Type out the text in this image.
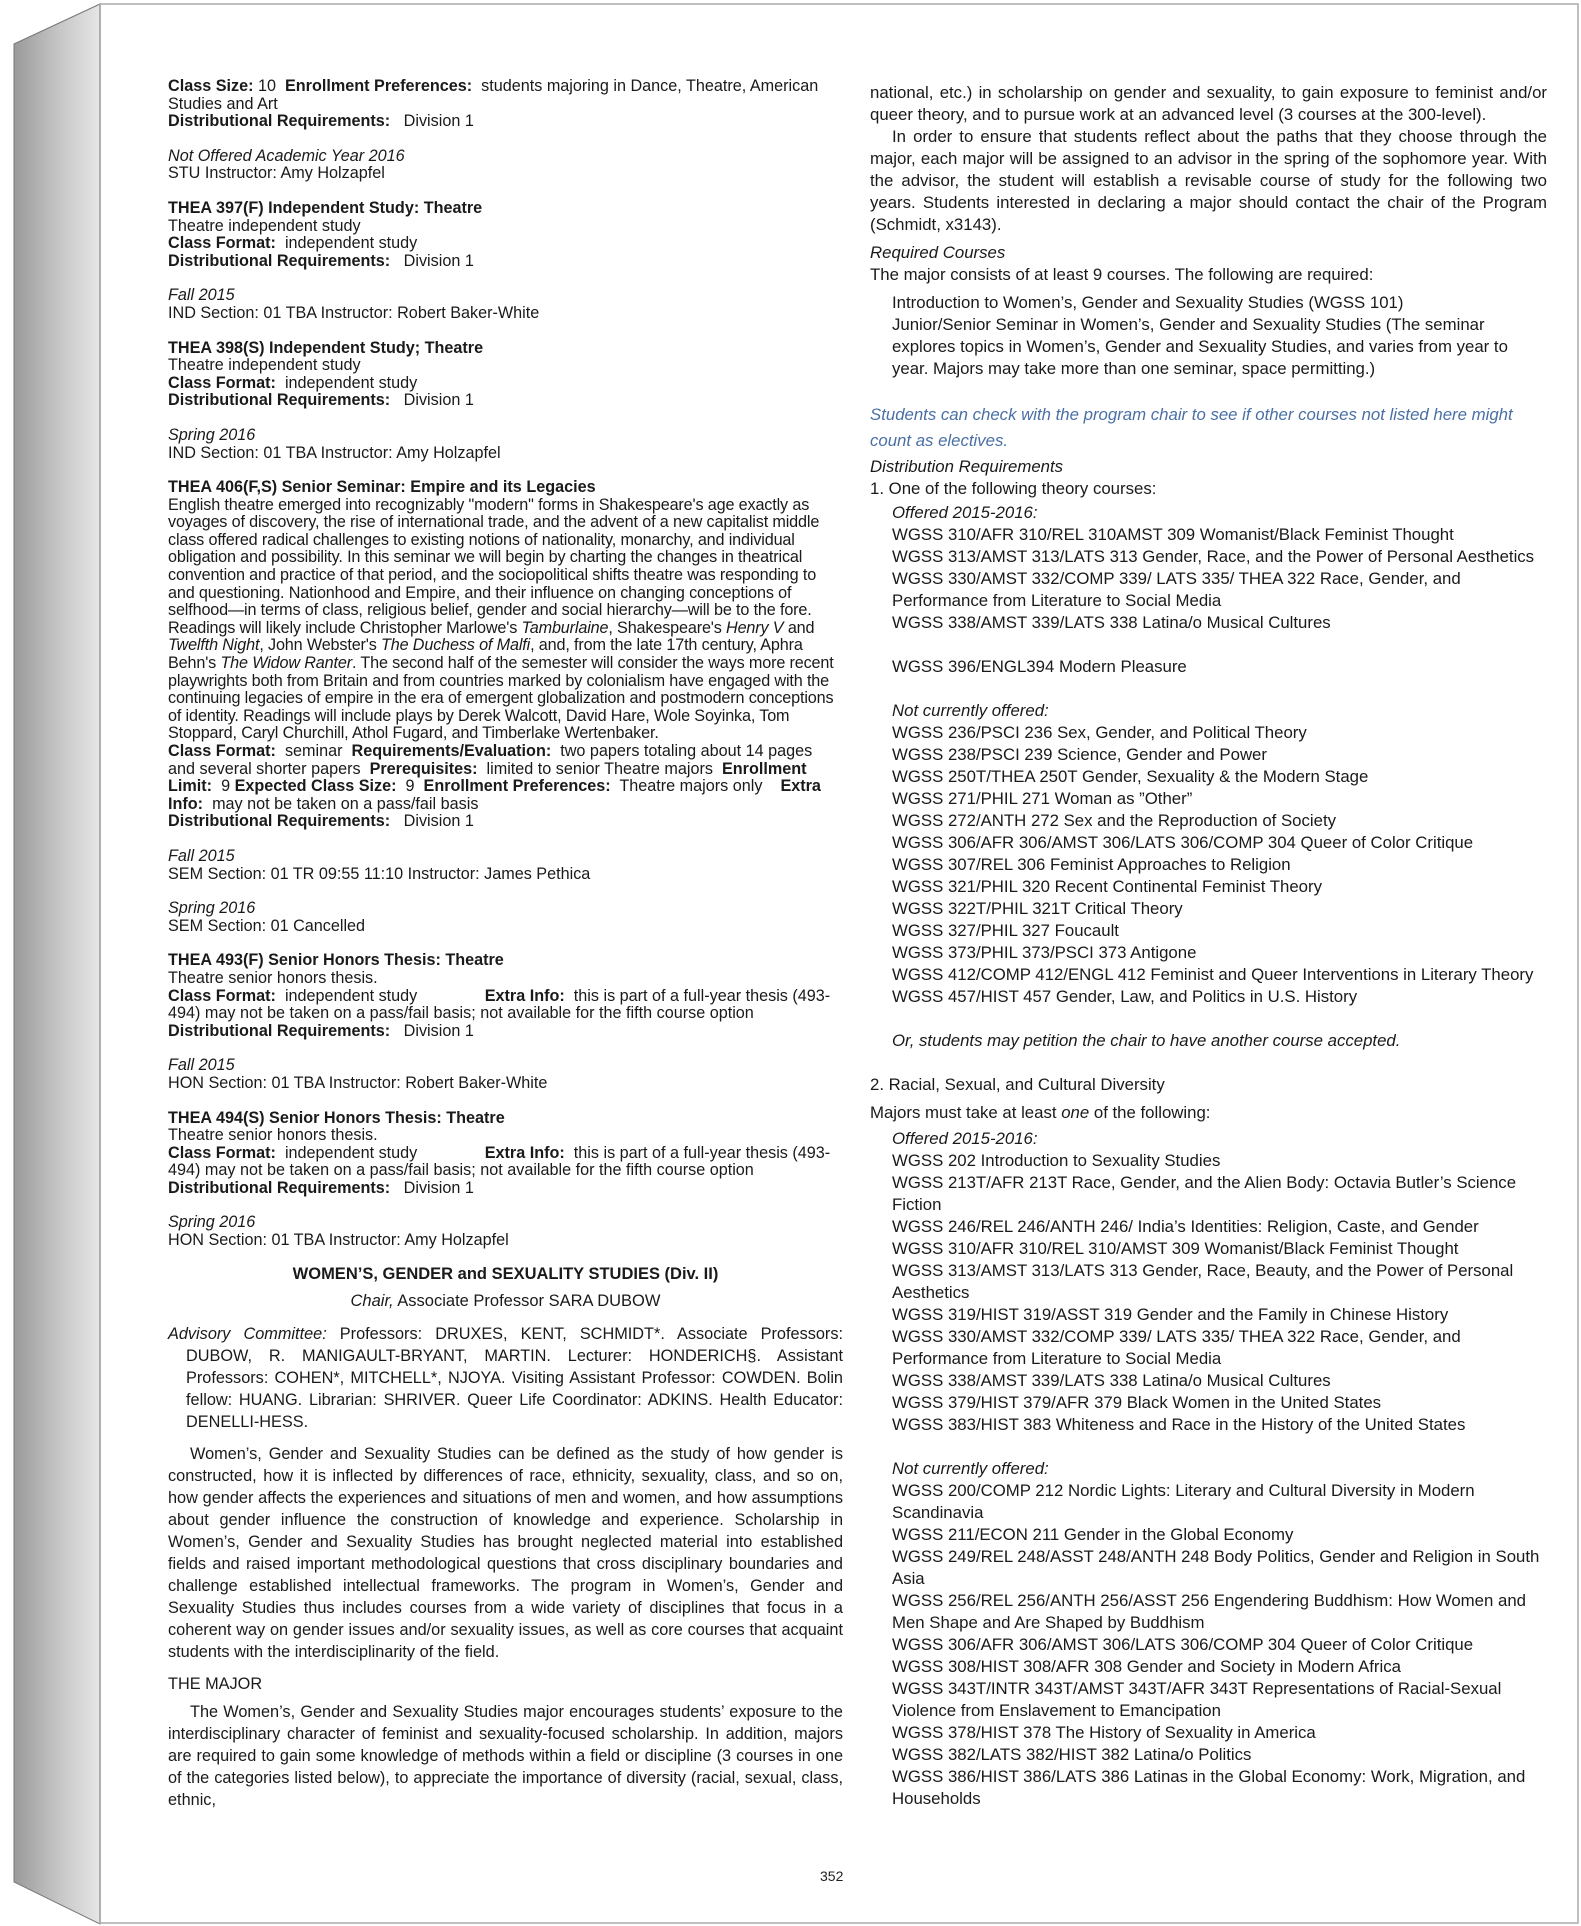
Class Size: 10 Enrollment Preferences: students majoring in Dance, Theatre, American Studies and Art
Distributional Requirements: Division 1
Not Offered Academic Year 2016
STU Instructor: Amy Holzapfel
THEA 397(F) Independent Study: Theatre
Theatre independent study
Class Format: independent study
Distributional Requirements: Division 1
Fall 2015
IND Section: 01 TBA Instructor: Robert Baker-White
THEA 398(S) Independent Study; Theatre
Theatre independent study
Class Format: independent study
Distributional Requirements: Division 1
Spring 2016
IND Section: 01 TBA Instructor: Amy Holzapfel
THEA 406(F,S) Senior Seminar: Empire and its Legacies
English theatre emerged into recognizably "modern" forms in Shakespeare's age exactly as voyages of discovery, the rise of international trade, and the advent of a new capitalist middle class offered radical challenges to existing notions of nationality, monarchy, and individual obligation and possibility. In this seminar we will begin by charting the changes in theatrical convention and practice of that period, and the sociopolitical shifts theatre was responding to and questioning. Nationhood and Empire, and their influence on changing conceptions of selfhood—in terms of class, religious belief, gender and social hierarchy—will be to the fore. Readings will likely include Christopher Marlowe's Tamburlaine, Shakespeare's Henry V and Twelfth Night, John Webster's The Duchess of Malfi, and, from the late 17th century, Aphra Behn's The Widow Ranter. The second half of the semester will consider the ways more recent playwrights both from Britain and from countries marked by colonialism have engaged with the continuing legacies of empire in the era of emergent globalization and postmodern conceptions of identity. Readings will include plays by Derek Walcott, David Hare, Wole Soyinka, Tom Stoppard, Caryl Churchill, Athol Fugard, and Timberlake Wertenbaker.
Class Format: seminar Requirements/Evaluation: two papers totaling about 14 pages and several shorter papers Prerequisites: limited to senior Theatre majors Enrollment Limit: 9 Expected Class Size: 9 Enrollment Preferences: Theatre majors only Extra Info: may not be taken on a pass/fail basis
Distributional Requirements: Division 1
Fall 2015
SEM Section: 01 TR 09:55 11:10 Instructor: James Pethica
Spring 2016
SEM Section: 01 Cancelled
THEA 493(F) Senior Honors Thesis: Theatre
Theatre senior honors thesis.
Class Format: independent study	Extra Info: this is part of a full-year thesis (493-494) may not be taken on a pass/fail basis; not available for the fifth course option
Distributional Requirements: Division 1
Fall 2015
HON Section: 01 TBA Instructor: Robert Baker-White
THEA 494(S) Senior Honors Thesis: Theatre
Theatre senior honors thesis.
Class Format: independent study	Extra Info: this is part of a full-year thesis (493-494) may not be taken on a pass/fail basis; not available for the fifth course option
Distributional Requirements: Division 1
Spring 2016
HON Section: 01 TBA Instructor: Amy Holzapfel
WOMEN’S, GENDER and SEXUALITY STUDIES (Div. II)
Chair, Associate Professor SARA DUBOW
Advisory Committee: Professors: DRUXES, KENT, SCHMIDT*. Associate Professors: DUBOW, R. MANIGAULT-BRYANT, MARTIN. Lecturer: HONDERICH§. Assistant Professors: COHEN*, MITCHELL*, NJOYA. Visiting Assistant Professor: COWDEN. Bolin fellow: HUANG. Librarian: SHRIVER. Queer Life Coordinator: ADKINS. Health Educator: DENELLI-HESS.
Women’s, Gender and Sexuality Studies can be defined as the study of how gender is constructed, how it is inflected by differences of race, ethnicity, sexuality, class, and so on, how gender affects the experiences and situations of men and women, and how assumptions about gender influence the construction of knowledge and experience. Scholarship in Women’s, Gender and Sexuality Studies has brought neglected material into established fields and raised important methodological questions that cross disciplinary boundaries and challenge established intellectual frameworks. The program in Women’s, Gender and Sexuality Studies thus includes courses from a wide variety of disciplines that focus in a coherent way on gender issues and/or sexuality issues, as well as core courses that acquaint students with the interdisciplinarity of the field.
THE MAJOR
The Women’s, Gender and Sexuality Studies major encourages students’ exposure to the interdisciplinary character of feminist and sexuality-focused scholarship. In addition, majors are required to gain some knowledge of methods within a field or discipline (3 courses in one of the categories listed below), to appreciate the importance of diversity (racial, sexual, class, ethnic,
national, etc.) in scholarship on gender and sexuality, to gain exposure to feminist and/or queer theory, and to pursue work at an advanced level (3 courses at the 300-level).
In order to ensure that students reflect about the paths that they choose through the major, each major will be assigned to an advisor in the spring of the sophomore year. With the advisor, the student will establish a revisable course of study for the following two years. Students interested in declaring a major should contact the chair of the Program (Schmidt, x3143).
Required Courses
The major consists of at least 9 courses. The following are required:
Introduction to Women’s, Gender and Sexuality Studies (WGSS 101)
Junior/Senior Seminar in Women’s, Gender and Sexuality Studies (The seminar explores topics in Women’s, Gender and Sexuality Studies, and varies from year to year. Majors may take more than one seminar, space permitting.)
Students can check with the program chair to see if other courses not listed here might count as electives.
Distribution Requirements
1. One of the following theory courses:
Offered 2015-2016:
WGSS 310/AFR 310/REL 310AMST 309 Womanist/Black Feminist Thought
WGSS 313/AMST 313/LATS 313 Gender, Race, and the Power of Personal Aesthetics
WGSS 330/AMST 332/COMP 339/ LATS 335/ THEA 322 Race, Gender, and Performance from Literature to Social Media
WGSS 338/AMST 339/LATS 338 Latina/o Musical Cultures
WGSS 396/ENGL394 Modern Pleasure
Not currently offered:
WGSS 236/PSCI 236 Sex, Gender, and Political Theory
WGSS 238/PSCI 239 Science, Gender and Power
WGSS 250T/THEA 250T Gender, Sexuality & the Modern Stage
WGSS 271/PHIL 271 Woman as ”Other”
WGSS 272/ANTH 272 Sex and the Reproduction of Society
WGSS 306/AFR 306/AMST 306/LATS 306/COMP 304 Queer of Color Critique
WGSS 307/REL 306 Feminist Approaches to Religion
WGSS 321/PHIL 320 Recent Continental Feminist Theory
WGSS 322T/PHIL 321T Critical Theory
WGSS 327/PHIL 327 Foucault
WGSS 373/PHIL 373/PSCI 373 Antigone
WGSS 412/COMP 412/ENGL 412 Feminist and Queer Interventions in Literary Theory
WGSS 457/HIST 457 Gender, Law, and Politics in U.S. History
Or, students may petition the chair to have another course accepted.
2. Racial, Sexual, and Cultural Diversity
Majors must take at least one of the following:
Offered 2015-2016:
WGSS 202 Introduction to Sexuality Studies
WGSS 213T/AFR 213T Race, Gender, and the Alien Body: Octavia Butler’s Science Fiction
WGSS 246/REL 246/ANTH 246/ India’s Identities: Religion, Caste, and Gender
WGSS 310/AFR 310/REL 310/AMST 309 Womanist/Black Feminist Thought
WGSS 313/AMST 313/LATS 313 Gender, Race, Beauty, and the Power of Personal Aesthetics
WGSS 319/HIST 319/ASST 319 Gender and the Family in Chinese History
WGSS 330/AMST 332/COMP 339/ LATS 335/ THEA 322 Race, Gender, and Performance from Literature to Social Media
WGSS 338/AMST 339/LATS 338 Latina/o Musical Cultures
WGSS 379/HIST 379/AFR 379 Black Women in the United States
WGSS 383/HIST 383 Whiteness and Race in the History of the United States
Not currently offered:
WGSS 200/COMP 212 Nordic Lights: Literary and Cultural Diversity in Modern Scandinavia
WGSS 211/ECON 211 Gender in the Global Economy
WGSS 249/REL 248/ASST 248/ANTH 248 Body Politics, Gender and Religion in South Asia
WGSS 256/REL 256/ANTH 256/ASST 256 Engendering Buddhism: How Women and Men Shape and Are Shaped by Buddhism
WGSS 306/AFR 306/AMST 306/LATS 306/COMP 304 Queer of Color Critique
WGSS 308/HIST 308/AFR 308 Gender and Society in Modern Africa
WGSS 343T/INTR 343T/AMST 343T/AFR 343T Representations of Racial-Sexual Violence from Enslavement to Emancipation
WGSS 378/HIST 378 The History of Sexuality in America
WGSS 382/LATS 382/HIST 382 Latina/o Politics
WGSS 386/HIST 386/LATS 386 Latinas in the Global Economy: Work, Migration, and Households
352
